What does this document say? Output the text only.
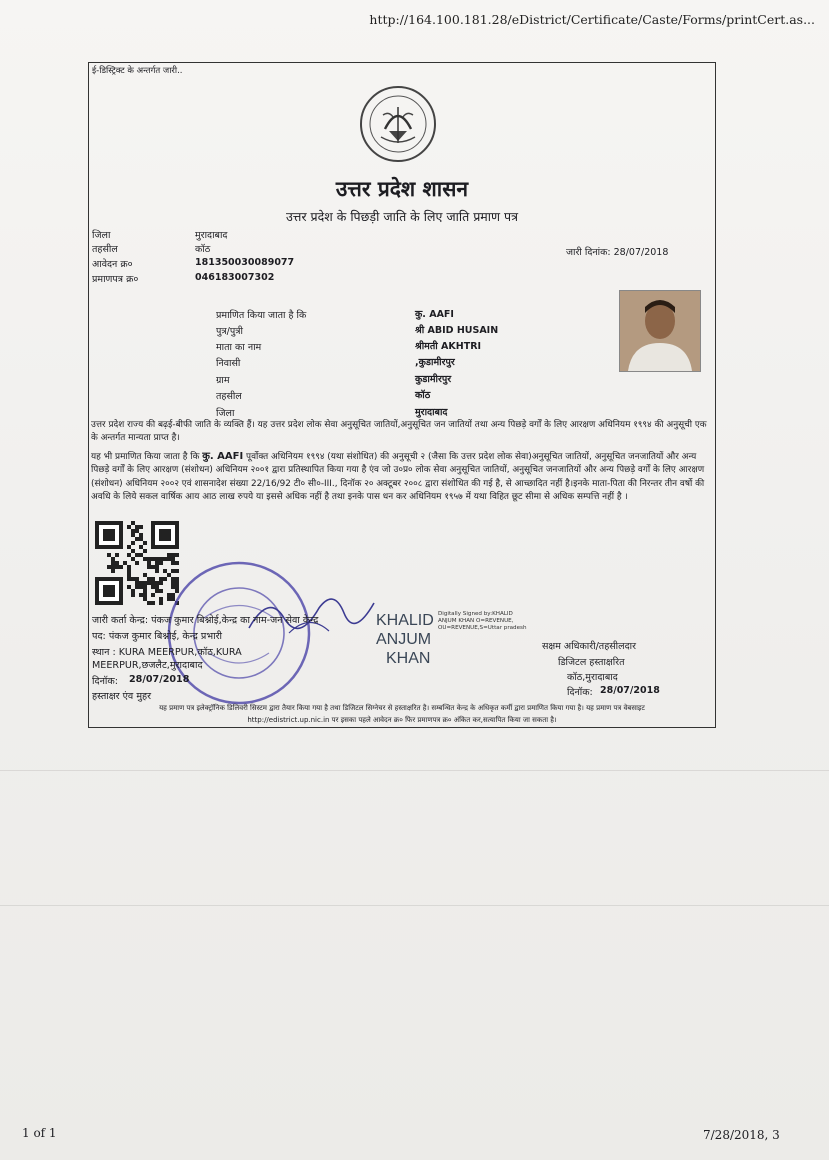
http://164.100.181.28/eDistrict/Certificate/Caste/Forms/printCert.as...
ई-डिस्ट्रिक्ट के अन्तर्गत जारी..
उत्तर प्रदेश शासन
उत्तर प्रदेश के पिछड़ी जाति के लिए जाति प्रमाण पत्र
जिला	मुरादाबाद
तहसील	कॉठ
आवेदन क्र०	181350030089077
प्रमाणपत्र क्र०	046183007302
जारी दिनांक: 28/07/2018
प्रमाणित किया जाता है कि	कु. AAFI
पुत्र/पुत्री	श्री ABID HUSAIN
माता का नाम	श्रीमती AKHTRI
निवासी	,कुडामीरपुर
ग्राम	कुडामीरपुर
तहसील	कॉठ
जिला	मुरादाबाद
उत्तर प्रदेश राज्य की बढ़ई-बीफी जाति के व्यक्ति हैं। यह उत्तर प्रदेश लोक सेवा अनुसूचित जातियों,अनुसूचित जन जातियों तथा अन्य पिछड़े वर्गों के लिए आरक्षण अधिनियम १९९४ की अनुसूची एक के अन्तर्गत मान्यता प्राप्त है।
यह भी प्रमाणित किया जाता है कि कु. AAFI पूर्वोक्त अधिनियम १९९४ (यथा संशोधित) की अनुसूची २ (जैसा कि उत्तर प्रदेश लोक सेवा)अनुसूचित जातियों, अनुसूचित जनजातियों और अन्य पिछड़े वर्गों के लिए आरक्षण (संशोधन) अधिनियम २००१ द्वारा प्रतिस्थापित किया गया है एंव जो उ०प्र० लोक सेवा अनुसूचित जातियों, अनुसूचित जनजातियों और अन्य पिछड़े वर्गों के लिए आरक्षण (संशोधन) अधिनियम २००२ एवं शासनादेश संख्या 22/16/92 टी० सी०-III., दिनॉक २० अक्टूबर २००८ द्वारा संशोधित की गई है, से आच्छादित नहीं है।इनके माता-पिता की निरन्तर तीन वर्षो की अवधि के लिये सकल वार्षिक आय आठ लाख रुपये या इससे अधिक नहीं है तथा इनके पास धन कर अधिनियम १९५७ में यथा विहित छूट सीमा से अधिक सम्पत्ति नहीं है ।
जारी कर्ता केन्द्र: पंकज कुमार बिश्नोई,केन्द्र का नाम-जन सेवा केन्द्र
पद: पंकज कुमार बिश्नोई, केन्द्र प्रभारी
स्थान : KURA MEERPUR,कॉठ,KURA
MEERPUR,छजलैट,मुरादाबाद
दिनॉक: 28/07/2018
हस्ताक्षर एंव मुहर
KHALID
ANJUM
KHAN
Digitally Signed by:KHALID ANJUM KHAN O=REVENUE, OU=REVENUE,S=Uttar pradesh
सक्षम अधिकारी/तहसीलदार
डिजिटल हस्ताक्षरित
कॉठ,मुरादाबाद
दिनॉक: 28/07/2018
यह प्रमाण पत्र इलेक्ट्रॉनिक डिलिवरी सिस्टम द्वारा तैयार किया गया है तथा डिजिटल सिग्नेचर से हस्ताक्षरित है। सम्बन्धित केन्द्र के अधिकृत कर्मी द्वारा प्रमाणित किया गया है। यह प्रमाण पत्र वेबसाइट
http://edistrict.up.nic.in पर इसका पहले आवेदन क्र० फिर प्रमाणपत्र क्र० अंकित कर,सत्यापित किया जा सकता है।
1 of 1	7/28/2018, 3
